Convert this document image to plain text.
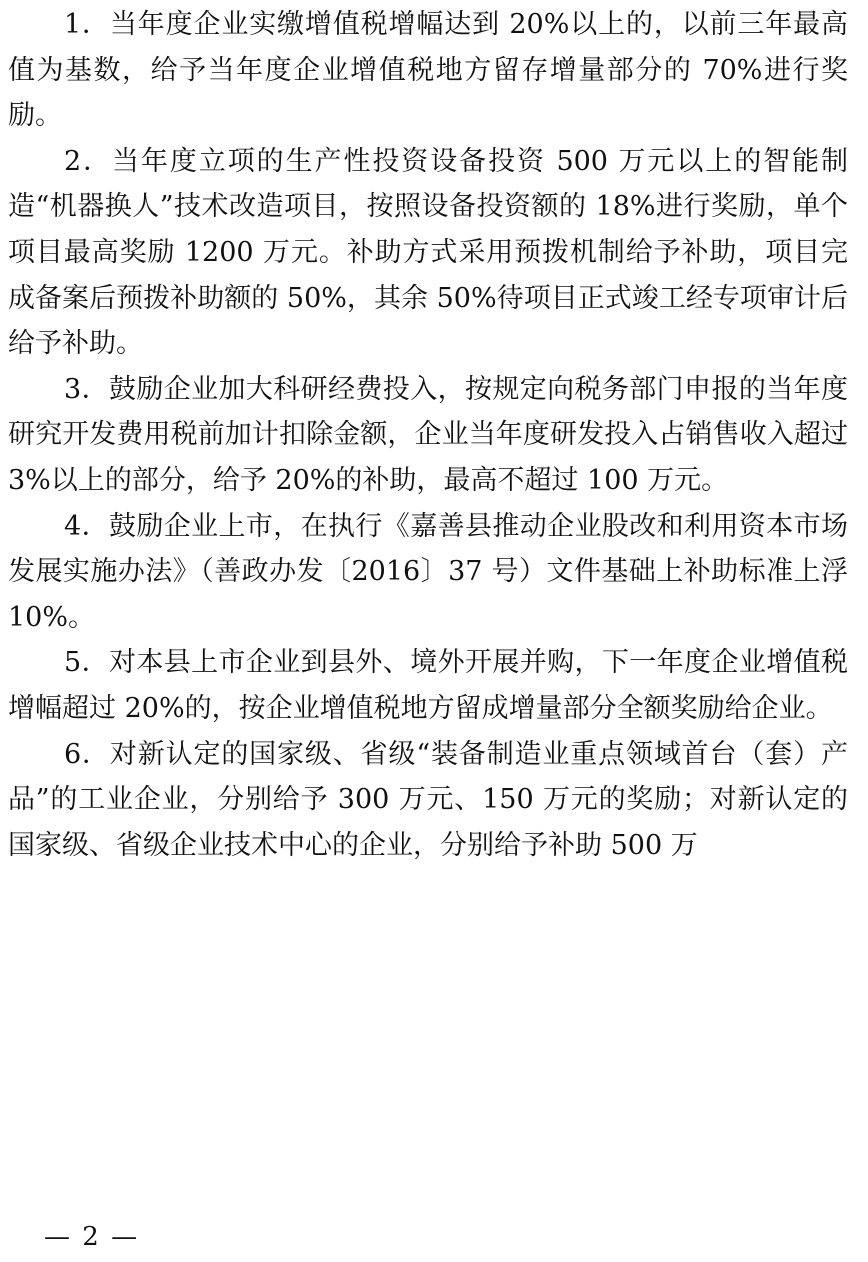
1．当年度企业实缴增值税增幅达到 20%以上的，以前三年最高值为基数，给予当年度企业增值税地方留存增量部分的 70%进行奖励。

2．当年度立项的生产性投资设备投资 500 万元以上的智能制造“机器换人”技术改造项目，按照设备投资额的 18%进行奖励，单个项目最高奖励 1200 万元。补助方式采用预拨机制给予补助，项目完成备案后预拨补助额的 50%，其余 50%待项目正式竣工经专项审计后给予补助。

3．鼓励企业加大科研经费投入，按规定向税务部门申报的当年度研究开发费用税前加计扣除金额，企业当年度研发投入占销售收入超过 3%以上的部分，给予 20%的补助，最高不超过 100 万元。

4．鼓励企业上市，在执行《嘉善县推动企业股改和利用资本市场发展实施办法》（善政办发〔2016〕37 号）文件基础上补助标准上浮 10%。

5．对本县上市企业到县外、境外开展并购，下一年度企业增值税增幅超过 20%的，按企业增值税地方留成增量部分全额奖励给企业。

6．对新认定的国家级、省级“装备制造业重点领域首台（套）产品”的工业企业，分别给予 300 万元、150 万元的奖励；对新认定的国家级、省级企业技术中心的企业，分别给予补助 500 万

— 2 —
